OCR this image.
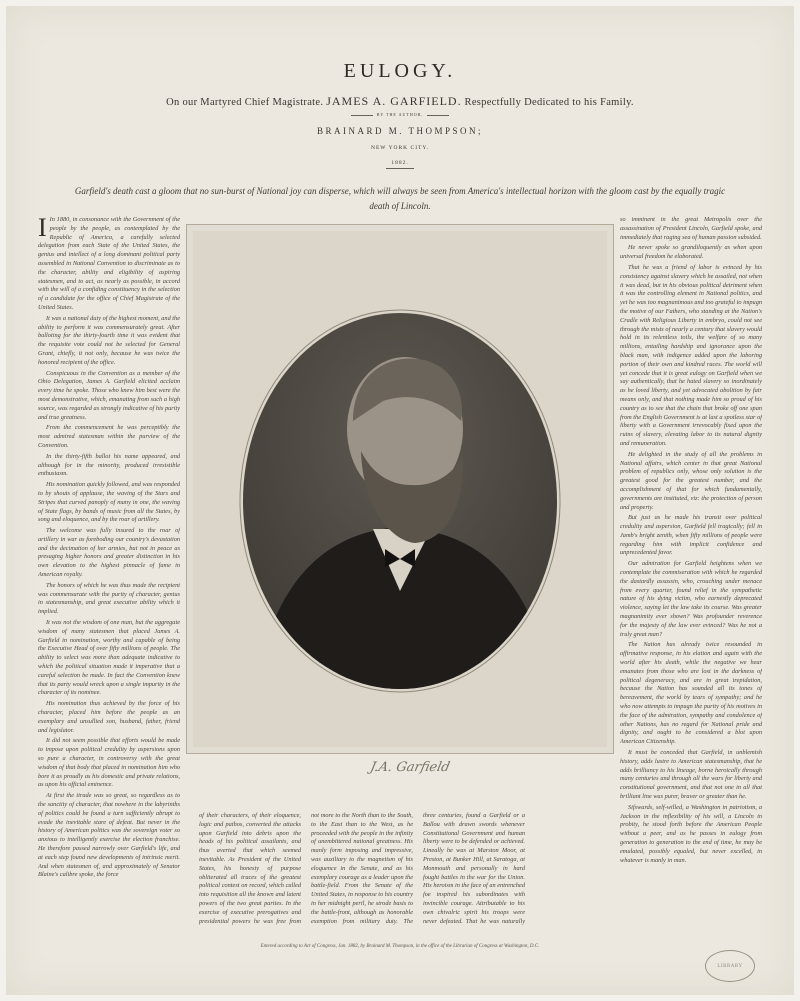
EULOGY.
On our Martyred Chief Magistrate. JAMES A. GARFIELD. Respectfully Dedicated to his Family.
BY THE AUTHOR,
BRAINARD M. THOMPSON;
NEW YORK CITY.
1882.
Garfield's death cast a gloom that no sun-burst of National joy can disperse, which will always be seen from America's intellectual horizon with the gloom cast by the equally tragic death of Lincoln.

I In 1880, in consonance with the Government of the people by the people, as contemplated by the Republic of America, a carefully selected delegation from each State of the United States, the genius and intellect of a long dominant political party assembled in National Convention to discriminate as to the character, ability and eligibility of aspiring statesmen, and to act, as nearly as possible, in accord with the will of a confiding constituency in the selection of a candidate for the office of Chief Magistrate of the United States.

It was a national duty of the highest moment, and the ability to perform it was commensurately great. After balloting for the thirty-fourth time it was evident that the requisite vote could not be selected for General Grant, chiefly, it not only, because he was twice the honored recipient of the office.

Conspicuous in the Convention as a member of the Ohio Delegation, James A. Garfield elicited acclaim every time he spoke. Those who knew him best were the most demonstrative, which, emanating from such a high source, was regarded as strongly indicative of his purity and true greatness.

From the commencement he was perceptibly the most admired statesman within the purview of the Convention.

In the thirty-fifth ballot his name appeared, and although for in the minority, produced irresistible enthusiasm.

His nomination quickly followed, and was responded to by shouts of applause, the waving of the Stars and Stripes that curved panoply of many in one, the waving of State flags, by bands of music from all the States, by song and eloquence, and by the roar of artillery.

The welcome was fully insured to the roar of artillery in war as foreboding our country's devastation and the decimation of her armies, but not in peace as presaging higher honors and greater distinction in his own elevation to the highest pinnacle of fame in American royalty.

The honors of which he was thus made the recipient was commensurate with the purity of character, genius in statesmanship, and great executive ability which it implied.

It was not the wisdom of one man, but the aggregate wisdom of many statesmen that placed James A. Garfield in nomination, worthy and capable of being the Executive Head of over fifty millions of people. The ability to select was more than adequate indicative to which the political situation made it imperative that a careful selection be made. In fact the Convention knew that its party would wreck upon a single impurity in the character of its nominee.

His nomination thus achieved by the force of his character, placed him before the people as an exemplary and unsullied son, husband, father, friend and legislator.

It did not seem possible that efforts would be made to impose upon political credulity by aspersions upon so pure a character, in controversy with the great wisdom of that body that placed in nomination him who bore it as proudly as his domestic and private relations, as upon his official eminence.

At first the tirade was so great, so regardless as to the sanctity of character, that nowhere in the labyrinths of politics could be found a turn sufficiently abrupt to evade the inevitable stare of defeat. But never in the history of American politics was the sovereign voter so anxious to intelligently exercise the election franchise. He therefore passed narrowly over Garfield's life, and at each step found new developments of intrinsic merit. And when statesmen of, and approximately of Senator Blaine's calibre spoke, the force

so imminent in the great Metropolis over the assassination of President Lincoln, Garfield spoke, and immediately that raging sea of human passion subsided.

He never spoke so grandiloquently as when upon universal freedom he elaborated.

That he was a friend of labor is evinced by his consistency against slavery which he assailed, not when it was dead, but in his obvious political detriment when it was the controlling element in National politics, and yet he was too magnanimous and too grateful to impugn the motive of our Fathers, who standing at the Nation's Cradle with Religious Liberty in embryo, could not see through the mists of nearly a century that slavery would hold in its relentless toils, the welfare of so many millions, entailing hardship and ignorance upon the black man, with indigence added upon the laboring portion of their own and kindred races. The world will yet concede that it is great eulogy on Garfield when we say authentically, that he hated slavery so inordinately as he loved liberty, and yet advocated abolition by fair means only, and that nothing made him so proud of his country as to see that the chain that broke off one span from the English Government is at last a spotless star of liberty with a Government irrevocably fixed upon the ruins of slavery, elevating labor to its natural dignity and remuneration.

He delighted in the study of all the problems in National affairs, which center in that great National problem of republics only, whose only solution is the greatest good for the greatest number, and the accomplishment of that for which fundamentally, governments are instituted, viz: the protection of person and property.

But just as he made his transit over political credulity and aspersion, Garfield fell tragically; fell in Jamb's bright zenith, when fifty millions of people were regarding him with implicit confidence and unprecedented favor.

Our admiration for Garfield heightens when we contemplate the commiseration with which he regarded the dastardly assassin, who, crouching under menace from every quarter, found relief in the sympathetic nature of his dying victim, who earnestly deprecated violence, saying let the law take its course. Was greater magnanimity ever shown? Was profounder reverence for the majesty of the law ever evinced? Was he not a truly great man?

The Nation has already twice resounded in affirmative response, in his elation and again with the world after his death, while the negative we hear emanates from those who are lost in the darkness of political degeneracy, and are in great trepidation, because the Nation has sounded all its tones of bereavement, the world by tears of sympathy; and he who now attempts to impugn the purity of his motives in the face of the admiration, sympathy and condolence of other Nations, has no regard for National pride and dignity, and ought to be considered a blot upon American Citizenship.

It must be conceded that Garfield, in unblemish history, adds lustre to American statesmanship, that he adds brilliancy to his lineage, borne heroically through many centuries and through all the wars for liberty and constitutional government, and that not one in all that brilliant line was purer, braver or greater than he.

Sifswards, self-willed, a Washington in patriotism, a Jackson in the inflexibility of his will, a Lincoln in probity, he stood forth before the American People without a peer, and as he passes in eulogy from generation to generation to the end of time, he may be emulated, possibly equaled, but never excelled, in whatever is manly in man.

J.A. Garfield
of their characters, of their eloquence, logic and pathos, converted the attacks upon Garfield into debris upon the heads of his political assailants, and thus averted that which seemed inevitable. As President of the United States, his honesty of purpose obliterated all traces of the greatest political contest on record, which called into requisition all the known and latent powers of the two great parties. In the exercise of executive prerogatives and presidential powers he was free from
not more to the North than to the South, to the East than to the West, as he proceeded with the people in the infinity of unembittered national greatness. His manly form imposing and impressive, was auxiliary to the magnetism of his eloquence in the Senate, and as his exemplary courage as a leader upon the battle-field. From the Senate of the United States, in response to his country in her midnight peril, he strode basis to the battle-front, although as honorable exemption from military duty. The
three centuries, found a Garfield or a Ballou with drawn swords whenever Constitutional Government and human liberty were to be defended or achieved. Lineally he was at Marston Moor, at Preston, at Bunker Hill, at Saratoga, at Monmouth and personally in hard fought battles in the war for the Union. His heroism in the face of an entrenched foe inspired his subordinates with invincible courage. Attributable to his own chivalric spirit his troops were never defeated. That he was naturally
Entered according to Act of Congress, Jan. 1882, by Brainard M. Thompson, in the office of the Librarian of Congress at Washington, D.C.
LIBRARY
